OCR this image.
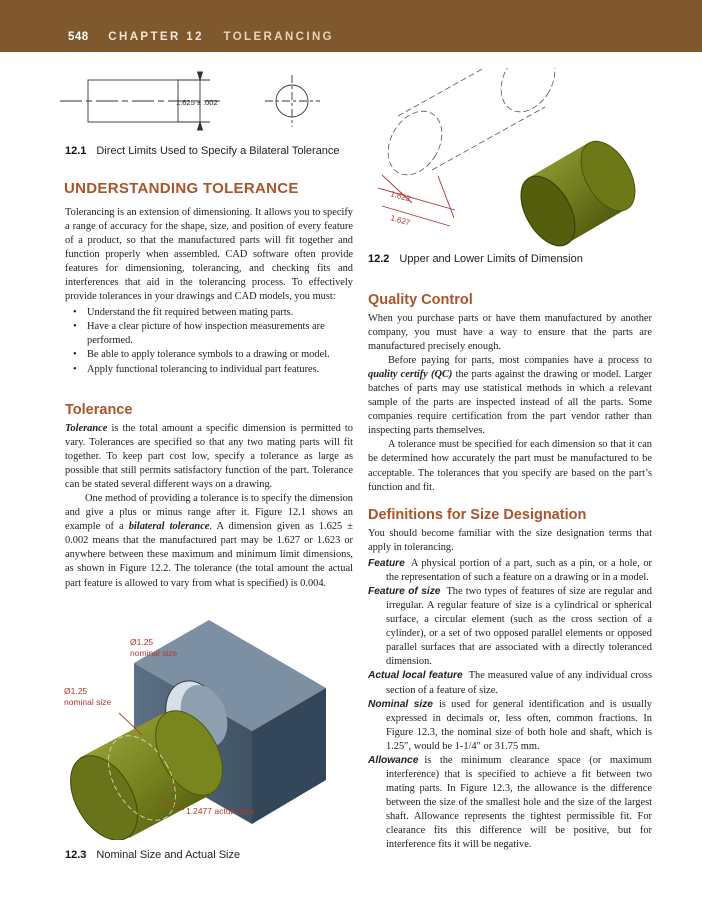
548 CHAPTER 12 TOLERANCING
1.625 ± .002
12.1 Direct Limits Used to Specify a Bilateral Tolerance
1.623
1.627
12.2 Upper and Lower Limits of Dimension
UNDERSTANDING TOLERANCE

Tolerancing is an extension of dimensioning. It allows you to specify a range of accuracy for the shape, size, and position of every feature of a product, so that the manufactured parts will fit together and function properly when assembled. CAD software often provide features for dimensioning, tolerancing, and checking fits and interferences that aid in the tolerancing process. To effectively provide tolerances in your drawings and CAD models, you must:

• Understand the fit required between mating parts.
• Have a clear picture of how inspection measurements are performed.
• Be able to apply tolerance symbols to a drawing or model.
• Apply functional tolerancing to individual part features.
Tolerance

Tolerance is the total amount a specific dimension is permitted to vary. Tolerances are specified so that any two mating parts will fit together. To keep part cost low, specify a tolerance as large as possible that still permits satisfactory function of the part. Tolerance can be stated several different ways on a drawing.

One method of providing a tolerance is to specify the dimension and give a plus or minus range after it. Figure 12.1 shows an example of a bilateral tolerance. A dimension given as 1.625 ± 0.002 means that the manufactured part may be 1.627 or 1.623 or anywhere between these maximum and minimum limit dimensions, as shown in Figure 12.2. The tolerance (the total amount the actual part feature is allowed to vary from what is specified) is 0.004.

Ø1.25
nominal size
Ø1.25
nominal size
1.2477 actual size
12.3 Nominal Size and Actual Size
Quality Control

When you purchase parts or have them manufactured by another company, you must have a way to ensure that the parts are manufactured precisely enough.

Before paying for parts, most companies have a process to quality certify (QC) the parts against the drawing or model. Larger batches of parts may use statistical methods in which a relevant sample of the parts are inspected instead of all the parts. Some companies require certification from the part vendor rather than inspecting parts themselves.

A tolerance must be specified for each dimension so that it can be determined how accurately the part must be manufactured to be acceptable. The tolerances that you specify are based on the part’s function and fit.

Definitions for Size Designation

You should become familiar with the size designation terms that apply in tolerancing.

Feature A physical portion of a part, such as a pin, or a hole, or the representation of such a feature on a drawing or in a model.

Feature of size The two types of features of size are regular and irregular. A regular feature of size is a cylindrical or spherical surface, a circular element (such as the cross section of a cylinder), or a set of two opposed parallel elements or opposed parallel surfaces that are associated with a directly toleranced dimension.

Actual local feature The measured value of any individual cross section of a feature of size.

Nominal size is used for general identification and is usually expressed in decimals or, less often, common fractions. In Figure 12.3, the nominal size of both hole and shaft, which is 1.25″, would be 1-1/4″ or 31.75 mm.

Allowance is the minimum clearance space (or maximum interference) that is specified to achieve a fit between two mating parts. In Figure 12.3, the allowance is the difference between the size of the smallest hole and the size of the largest shaft. Allowance represents the tightest permissible fit. For clearance fits this difference will be positive, but for interference fits it will be negative.
